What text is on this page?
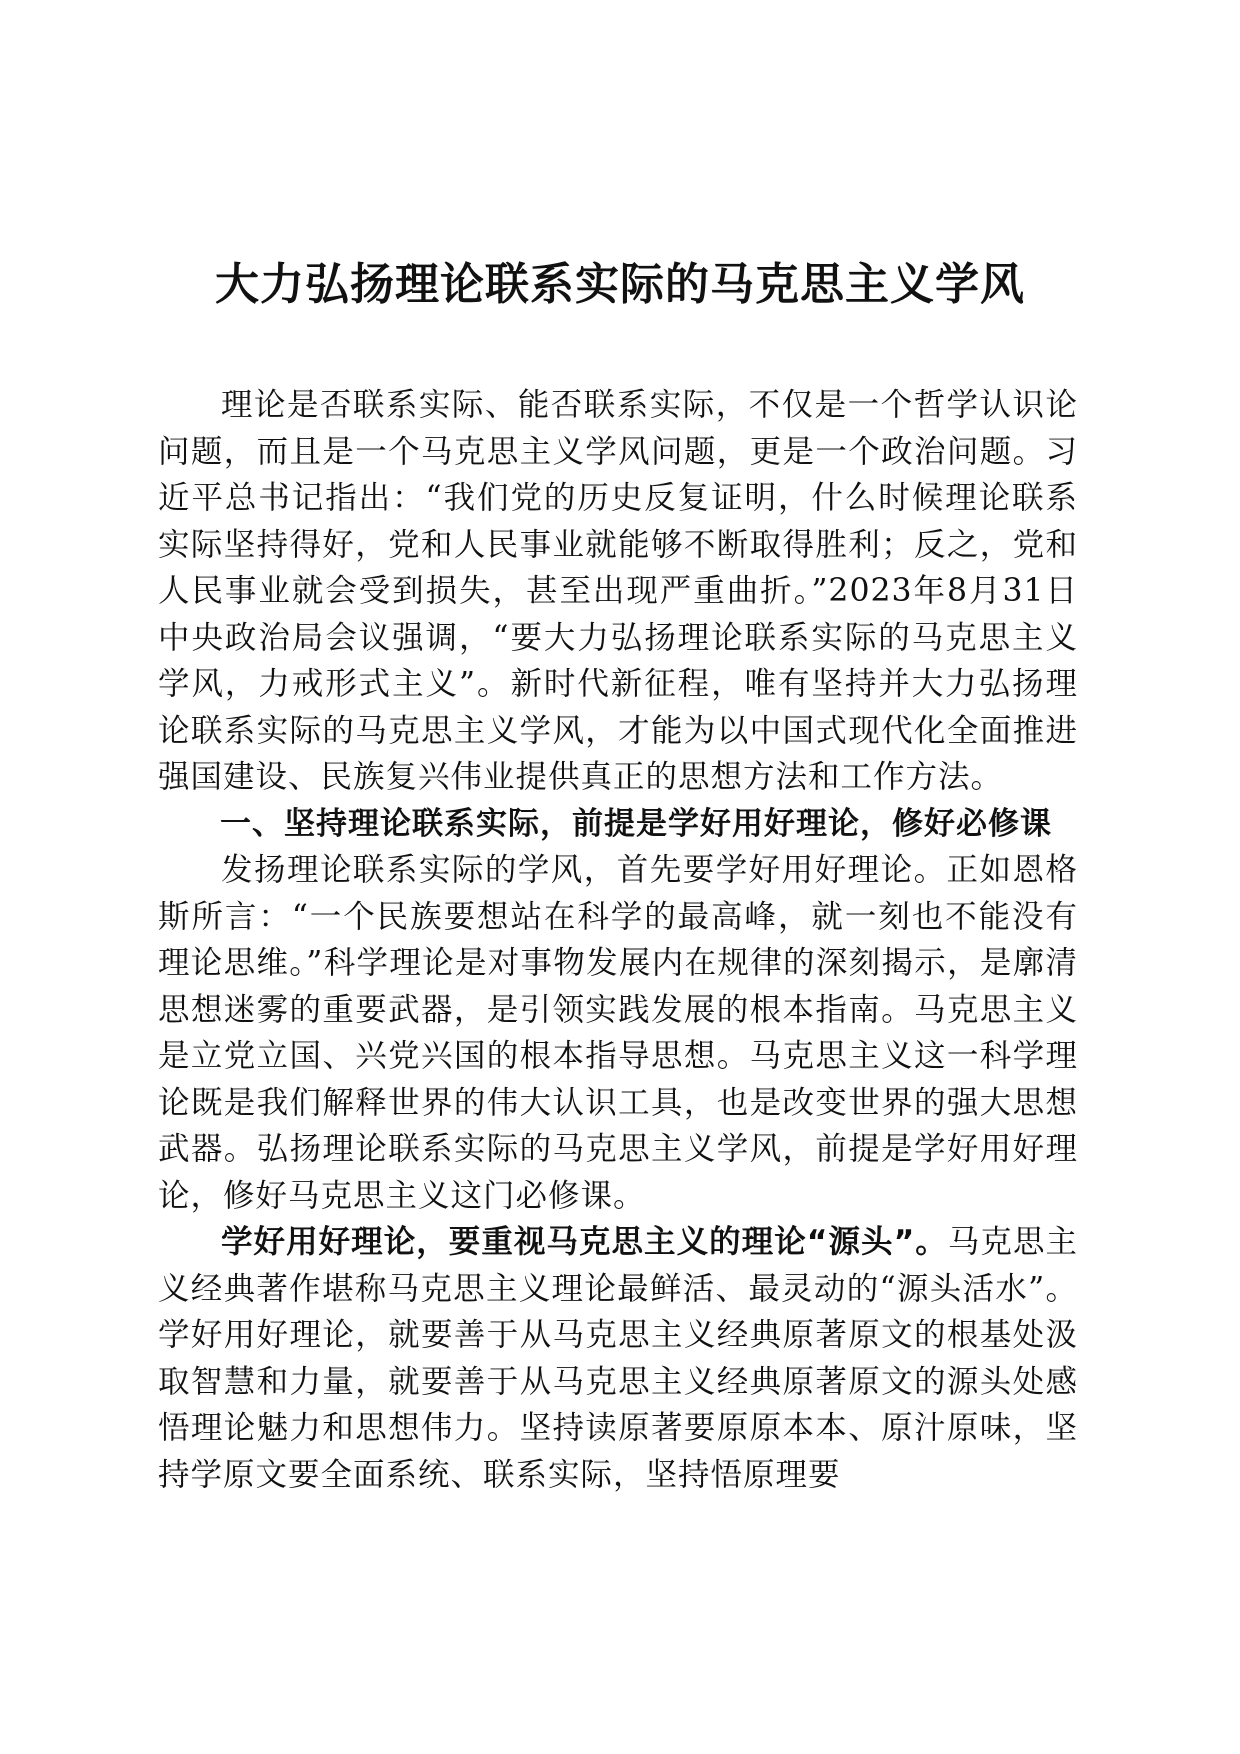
大力弘扬理论联系实际的马克思主义学风

理论是否联系实际、能否联系实际，不仅是一个哲学认识论问题，而且是一个马克思主义学风问题，更是一个政治问题。习近平总书记指出：“我们党的历史反复证明，什么时候理论联系实际坚持得好，党和人民事业就能够不断取得胜利；反之，党和人民事业就会受到损失，甚至出现严重曲折。”2023年8月31日中央政治局会议强调，“要大力弘扬理论联系实际的马克思主义学风，力戒形式主义”。新时代新征程，唯有坚持并大力弘扬理论联系实际的马克思主义学风，才能为以中国式现代化全面推进强国建设、民族复兴伟业提供真正的思想方法和工作方法。

一、坚持理论联系实际，前提是学好用好理论，修好必修课

发扬理论联系实际的学风，首先要学好用好理论。正如恩格斯所言：“一个民族要想站在科学的最高峰，就一刻也不能没有理论思维。”科学理论是对事物发展内在规律的深刻揭示，是廓清思想迷雾的重要武器，是引领实践发展的根本指南。马克思主义是立党立国、兴党兴国的根本指导思想。马克思主义这一科学理论既是我们解释世界的伟大认识工具，也是改变世界的强大思想武器。弘扬理论联系实际的马克思主义学风，前提是学好用好理论，修好马克思主义这门必修课。

学好用好理论，要重视马克思主义的理论“源头”。马克思主义经典著作堪称马克思主义理论最鲜活、最灵动的“源头活水”。学好用好理论，就要善于从马克思主义经典原著原文的根基处汲取智慧和力量，就要善于从马克思主义经典原著原文的源头处感悟理论魅力和思想伟力。坚持读原著要原原本本、原汁原味，坚持学原文要全面系统、联系实际，坚持悟原理要
